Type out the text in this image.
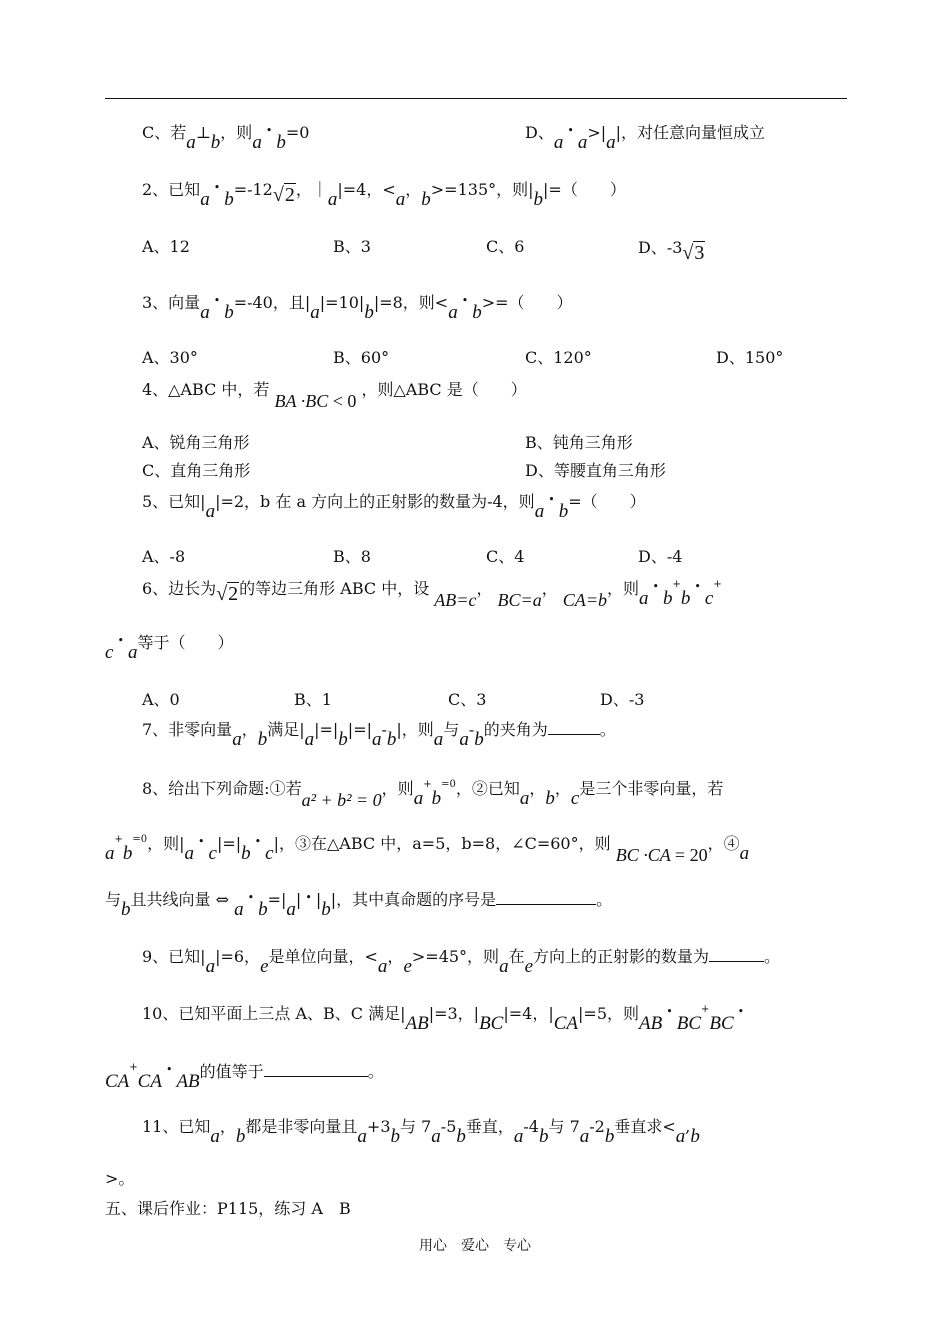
C、若a⊥b，则a•b=0	D、a•a>|a|，对任意向量恒成立
2、已知a•b=-12√2，｜a|=4，<a，b>=135°，则|b|=（　　）
A、12	B、3	C、6	D、-3√3
3、向量a•b=-40，且|a|=10|b|=8，则<a•b>=（　　）
A、30°	B、60°	C、120°	D、150°
4、△ABC 中，若 BA ·BC < 0 ，则△ABC 是（　　）
A、锐角三角形	B、钝角三角形
C、直角三角形	D、等腰直角三角形
5、已知|a|=2，b 在 a 方向上的正射影的数量为-4，则a•b=（　　）
A、-8	B、8	C、4	D、-4
6、边长为√2的等边三角形 ABC 中，设 AB=c， BC=a， CA=b，则a•b+b•c+
c•a等于（　　）
A、0	B、1	C、3	D、-3
7、非零向量a，b满足|a|=|b|=|a-b|，则a与a-b的夹角为	。
8、给出下列命题:①若a² + b² = 0，则$a^+b^{=0}$，②已知a，b，c是三个非零向量，若
$a^+b^{=0}$，则|a•c|=|b•c|，③在△ABC 中，a=5，b=8，∠C=60°，则 BC ·CA = 20，④a
与b且共线向量 ⇔ a•b=|a| • |b|，其中真命题的序号是	。
9、已知|a|=6，e是单位向量，<a，e>=45°，则a在e方向上的正射影的数量为	。
10、已知平面上三点 A、B、C 满足|AB|=3，|BC|=4，|CA|=5，则AB•BC+BC•
CA+CA•AB的值等于	。
11、已知a，b都是非零向量且a+3b与 7a-5b垂直，a-4b与 7a-2b垂直求<a,b
>。
五、课后作业：P115，练习 A　B
用心　爱心　专心
